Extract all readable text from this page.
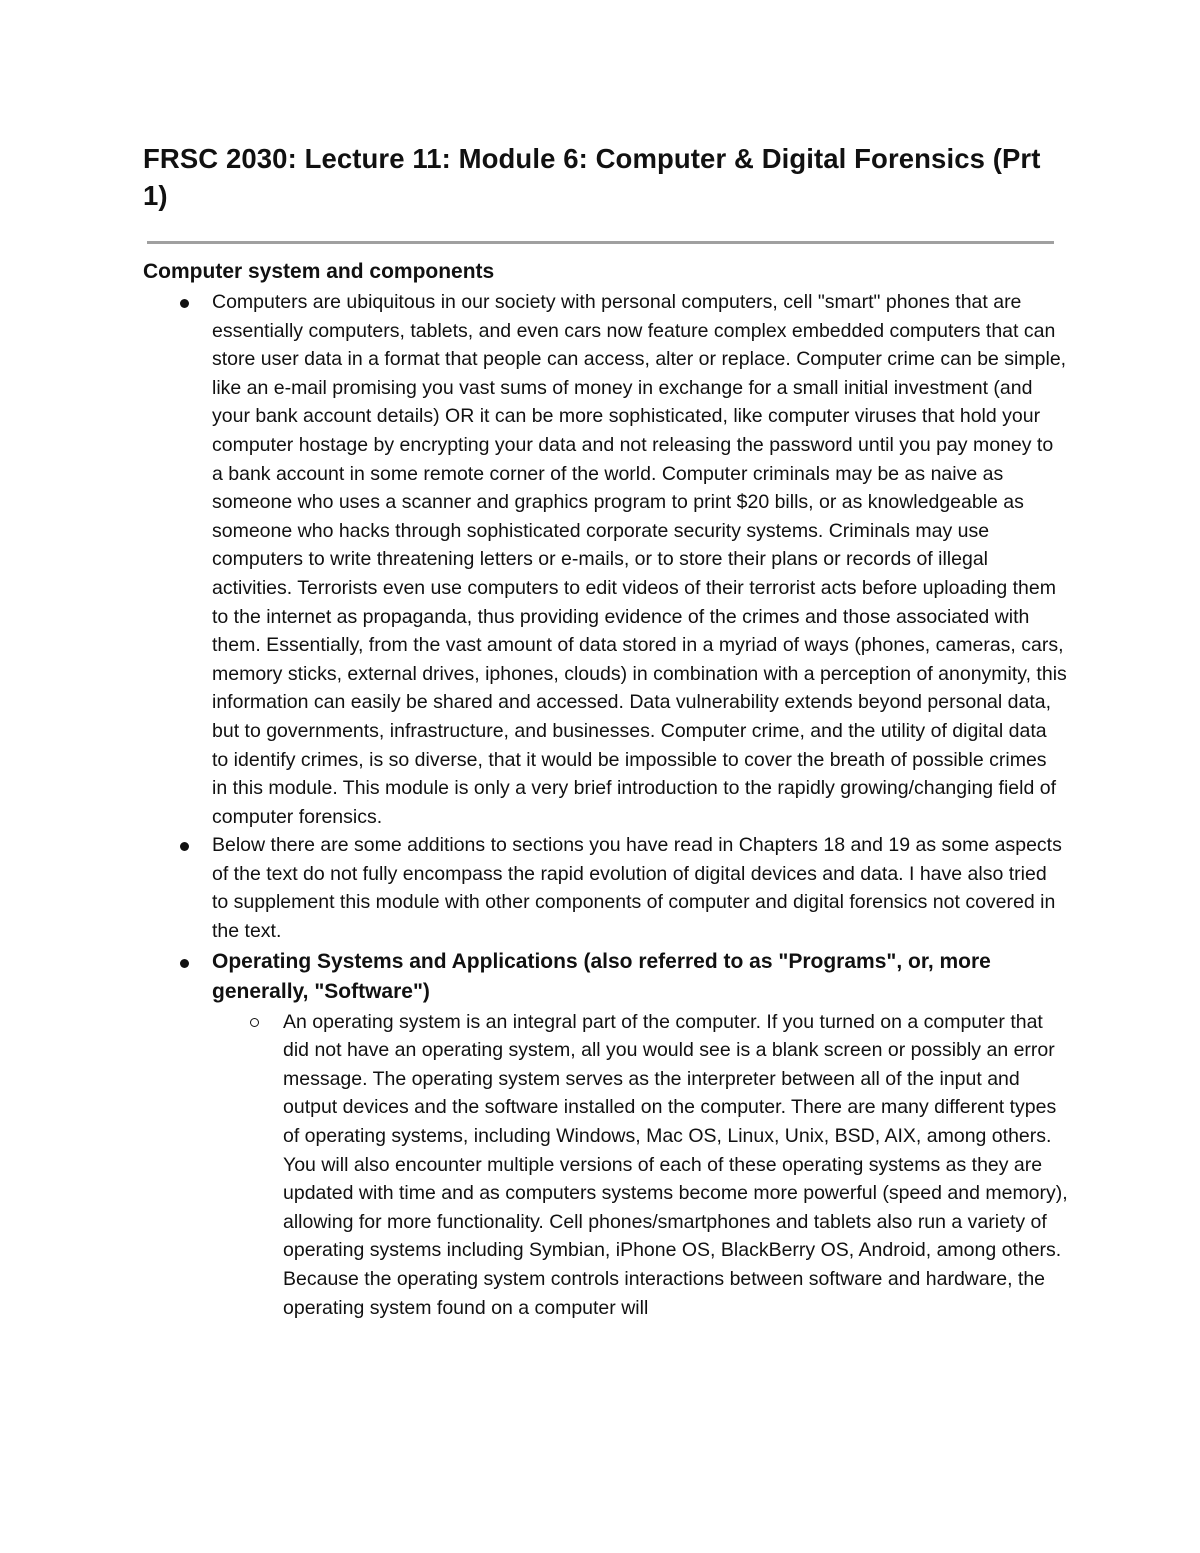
FRSC 2030: Lecture 11: Module 6: Computer & Digital Forensics (Prt 1)
Computer system and components
Computers are ubiquitous in our society with personal computers, cell "smart" phones that are essentially computers, tablets, and even cars now feature complex embedded computers that can store user data in a format that people can access, alter or replace. Computer crime can be simple, like an e-mail promising you vast sums of money in exchange for a small initial investment (and your bank account details) OR it can be more sophisticated, like computer viruses that hold your computer hostage by encrypting your data and not releasing the password until you pay money to a bank account in some remote corner of the world. Computer criminals may be as naive as someone who uses a scanner and graphics program to print $20 bills, or as knowledgeable as someone who hacks through sophisticated corporate security systems. Criminals may use computers to write threatening letters or e-mails, or to store their plans or records of illegal activities. Terrorists even use computers to edit videos of their terrorist acts before uploading them to the internet as propaganda, thus providing evidence of the crimes and those associated with them. Essentially, from the vast amount of data stored in a myriad of ways (phones, cameras, cars, memory sticks, external drives, iphones, clouds) in combination with a perception of anonymity, this information can easily be shared and accessed. Data vulnerability extends beyond personal data, but to governments, infrastructure, and businesses. Computer crime, and the utility of digital data to identify crimes, is so diverse, that it would be impossible to cover the breath of possible crimes in this module. This module is only a very brief introduction to the rapidly growing/changing field of computer forensics.
Below there are some additions to sections you have read in Chapters 18 and 19 as some aspects of the text do not fully encompass the rapid evolution of digital devices and data. I have also tried to supplement this module with other components of computer and digital forensics not covered in the text.
Operating Systems and Applications (also referred to as "Programs", or, more generally, "Software")
An operating system is an integral part of the computer. If you turned on a computer that did not have an operating system, all you would see is a blank screen or possibly an error message. The operating system serves as the interpreter between all of the input and output devices and the software installed on the computer. There are many different types of operating systems, including Windows, Mac OS, Linux, Unix, BSD, AIX, among others. You will also encounter multiple versions of each of these operating systems as they are updated with time and as computers systems become more powerful (speed and memory), allowing for more functionality. Cell phones/smartphones and tablets also run a variety of operating systems including Symbian, iPhone OS, BlackBerry OS, Android, among others. Because the operating system controls interactions between software and hardware, the operating system found on a computer will
